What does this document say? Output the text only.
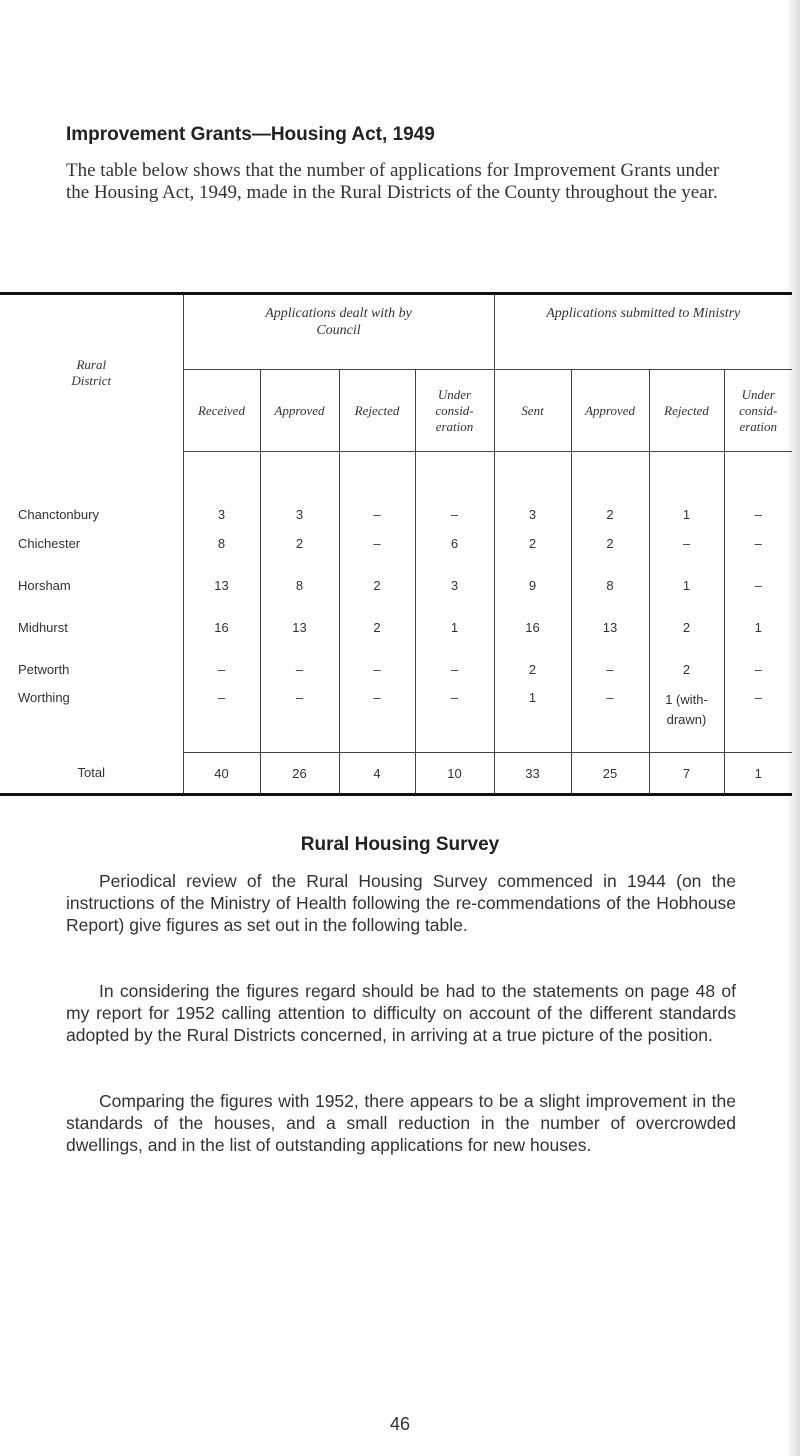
Improvement Grants—Housing Act, 1949

The table below shows that the number of applications for Improvement Grants under the Housing Act, 1949, made in the Rural Districts of the County throughout the year.

Rural District	Applications dealt with by Council				Applications submitted to Ministry			
	Received	Approved	Rejected	Under consid-eration	Sent	Approved	Rejected	Under consid-eration
Chanctonbury	3	3	–	–	3	2	1	–
Chichester	8	2	–	6	2	2	–	–
Horsham	13	8	2	3	9	8	1	–
Midhurst	16	13	2	1	16	13	2	1
Petworth	–	–	–	–	2	–	2	–
Worthing	–	–	–	–	1	–	1 (with-drawn)	–
Total	40	26	4	10	33	25	7	1
Rural Housing Survey

Periodical review of the Rural Housing Survey commenced in 1944 (on the instructions of the Ministry of Health following the re-commendations of the Hobhouse Report) give figures as set out in the following table.

In considering the figures regard should be had to the statements on page 48 of my report for 1952 calling attention to difficulty on account of the different standards adopted by the Rural Districts concerned, in arriving at a true picture of the position.

Comparing the figures with 1952, there appears to be a slight improvement in the standards of the houses, and a small reduction in the number of overcrowded dwellings, and in the list of outstanding applications for new houses.

46
